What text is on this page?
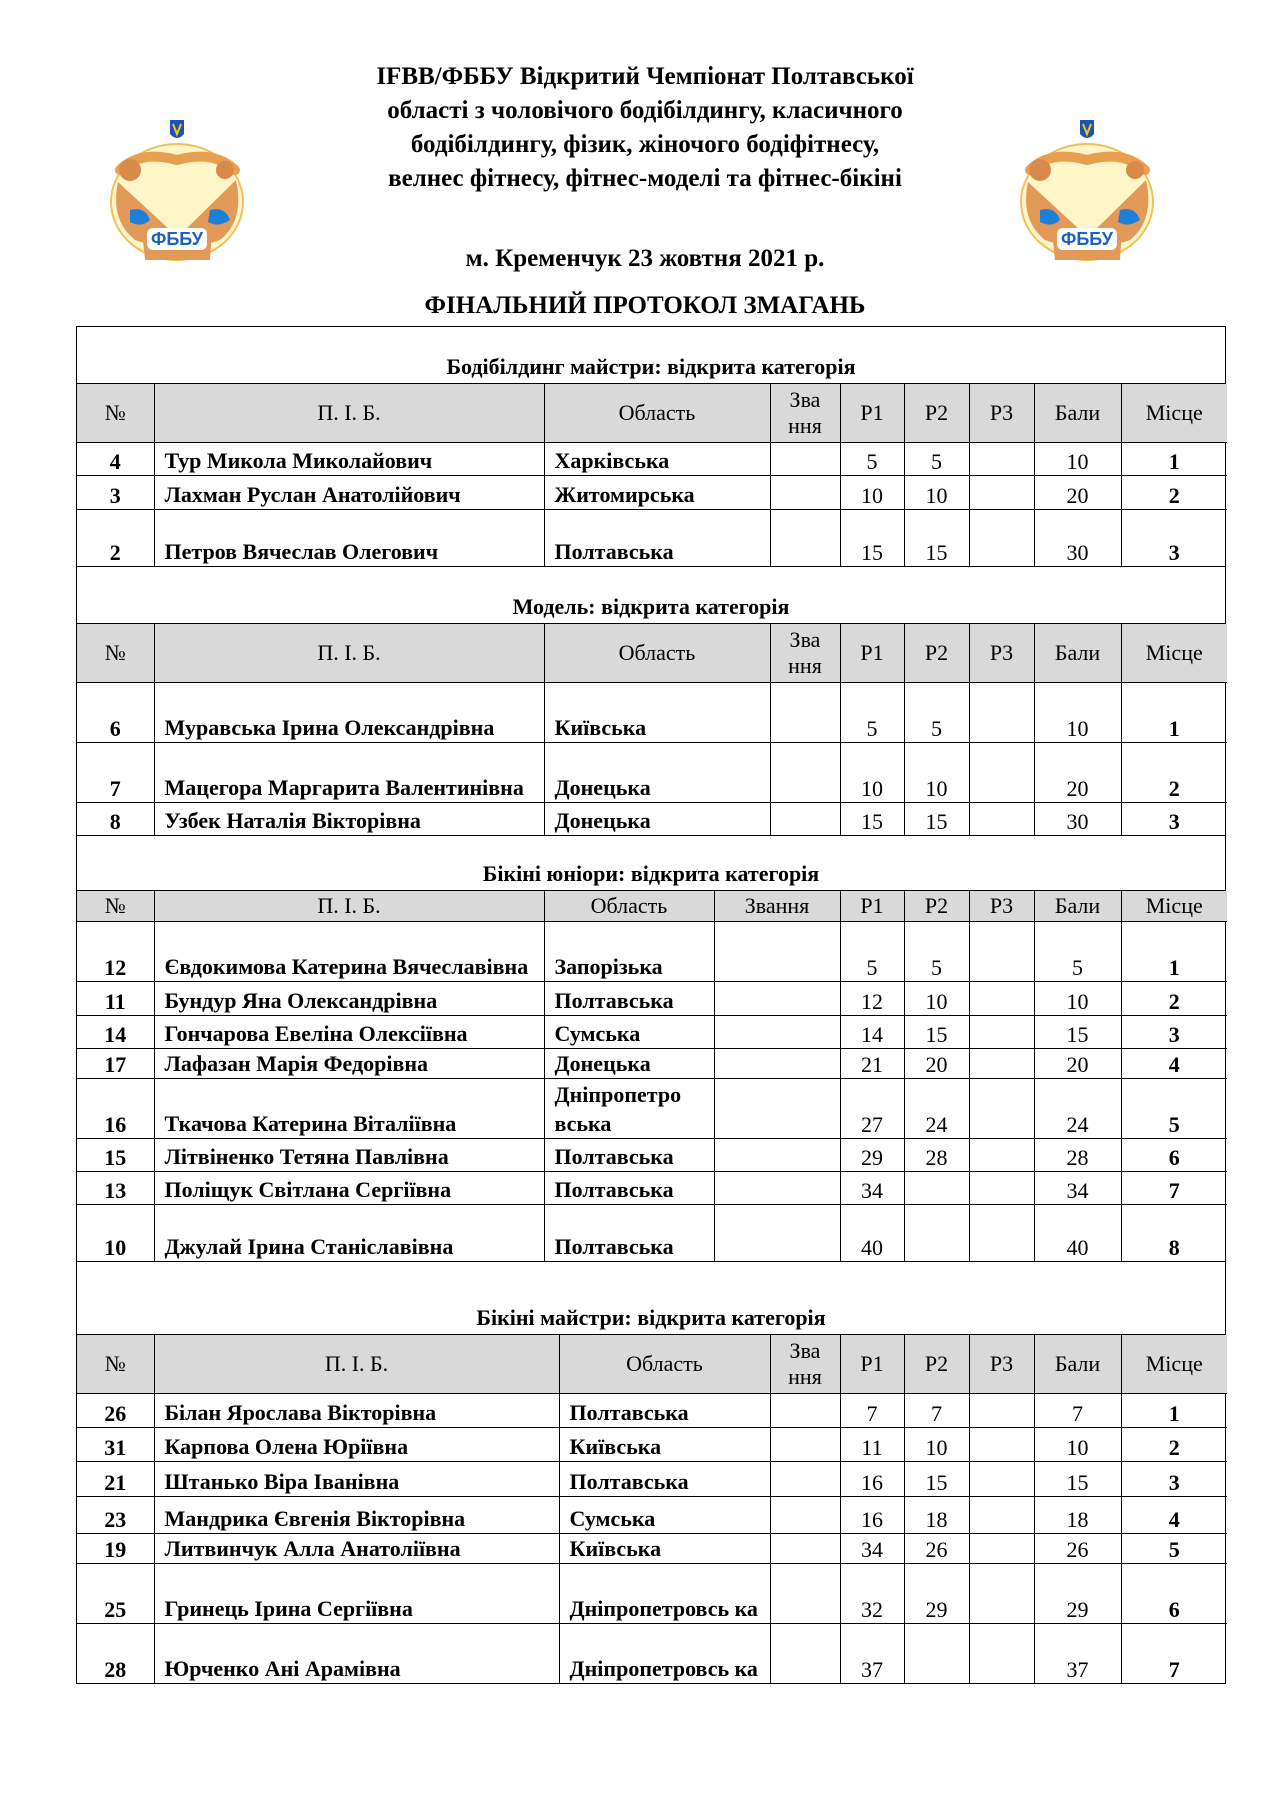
ФББУ	ФББУ
IFBB/ФББУ Відкритий Чемпіонат Полтавської
області з чоловічого бодібілдингу, класичного
бодібілдингу, фізик, жіночого бодіфітнесу,
велнес фітнесу, фітнес-моделі та фітнес-бікіні
м. Кременчук 23 жовтня 2021 р.
ФІНАЛЬНИЙ ПРОТОКОЛ ЗМАГАНЬ
Бодібілдинг майстри: відкрита категорія
№	П. І. Б.	Область	Зва ння	Р1	Р2	Р3	Бали	Місце
4	Тур Микола Миколайович	Харківська		5	5		10	1
3	Лахман Руслан Анатолійович	Житомирська		10	10		20	2
2	Петров Вячеслав Олегович	Полтавська		15	15		30	3
Модель: відкрита категорія
№	П. І. Б.	Область	Зва ння	Р1	Р2	Р3	Бали	Місце
6	Муравська Ірина Олександрівна	Київська		5	5		10	1
7	Мацегора Маргарита Валентинівна	Донецька		10	10		20	2
8	Узбек Наталія Вікторівна	Донецька		15	15		30	3
Бікіні юніори: відкрита категорія
№	П. І. Б.	Область	Звання	Р1	Р2	Р3	Бали	Місце
12	Євдокимова Катерина Вячеславівна	Запорізька		5	5		5	1
11	Бундур Яна Олександрівна	Полтавська		12	10		10	2
14	Гончарова Евеліна Олексіївна	Сумська		14	15		15	3
17	Лафазан Марія Федорівна	Донецька		21	20		20	4
16	Ткачова Катерина Віталіївна	Дніпропетро вська		27	24		24	5
15	Літвіненко Тетяна Павлівна	Полтавська		29	28		28	6
13	Поліщук Світлана Сергіївна	Полтавська		34			34	7
10	Джулай Ірина Станіславівна	Полтавська		40			40	8
Бікіні майстри: відкрита категорія
№	П. І. Б.	Область	Зва ння	Р1	Р2	Р3	Бали	Місце
26	Білан Ярослава Вікторівна	Полтавська		7	7		7	1
31	Карпова Олена Юріївна	Київська		11	10		10	2
21	Штанько Віра Іванівна	Полтавська		16	15		15	3
23	Мандрика Євгенія Вікторівна	Сумська		16	18		18	4
19	Литвинчук Алла Анатоліївна	Київська		34	26		26	5
25	Гринець Ірина Сергіївна	Дніпропетровсь ка		32	29		29	6
28	Юрченко Ані Арамівна	Дніпропетровсь ка		37			37	7
